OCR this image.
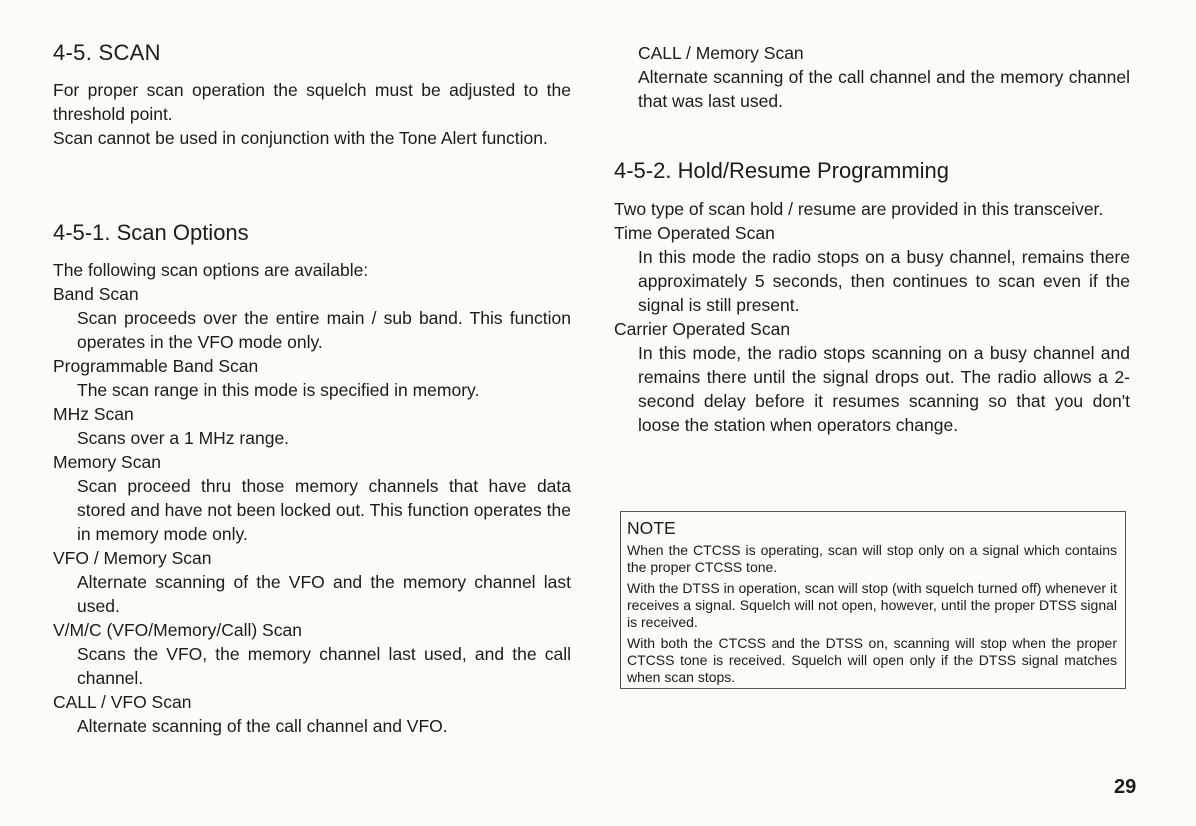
4-5. SCAN

For proper scan operation the squelch must be adjusted to the threshold point.

Scan cannot be used in conjunction with the Tone Alert function.

4-5-1. Scan Options

The following scan options are available:

Band Scan

Scan proceeds over the entire main / sub band. This function operates in the VFO mode only.

Programmable Band Scan

The scan range in this mode is specified in memory.

MHz Scan

Scans over a 1 MHz range.

Memory Scan

Scan proceed thru those memory channels that have data stored and have not been locked out. This function operates the in memory mode only.

VFO / Memory Scan

Alternate scanning of the VFO and the memory channel last used.

V/M/C (VFO/Memory/Call) Scan

Scans the VFO, the memory channel last used, and the call channel.

CALL / VFO Scan

Alternate scanning of the call channel and VFO.

CALL / Memory Scan

Alternate scanning of the call channel and the memory channel that was last used.

4-5-2. Hold/Resume Programming

Two type of scan hold / resume are provided in this transceiver.

Time Operated Scan

In this mode the radio stops on a busy channel, remains there approximately 5 seconds, then continues to scan even if the signal is still present.

Carrier Operated Scan

In this mode, the radio stops scanning on a busy channel and remains there until the signal drops out. The radio allows a 2-second delay before it resumes scanning so that you don't loose the station when operators change.

NOTE

When the CTCSS is operating, scan will stop only on a signal which contains the proper CTCSS tone.

With the DTSS in operation, scan will stop (with squelch turned off) whenever it receives a signal. Squelch will not open, however, until the proper DTSS signal is received.

With both the CTCSS and the DTSS on, scanning will stop when the proper CTCSS tone is received. Squelch will open only if the DTSS signal matches when scan stops.

29
